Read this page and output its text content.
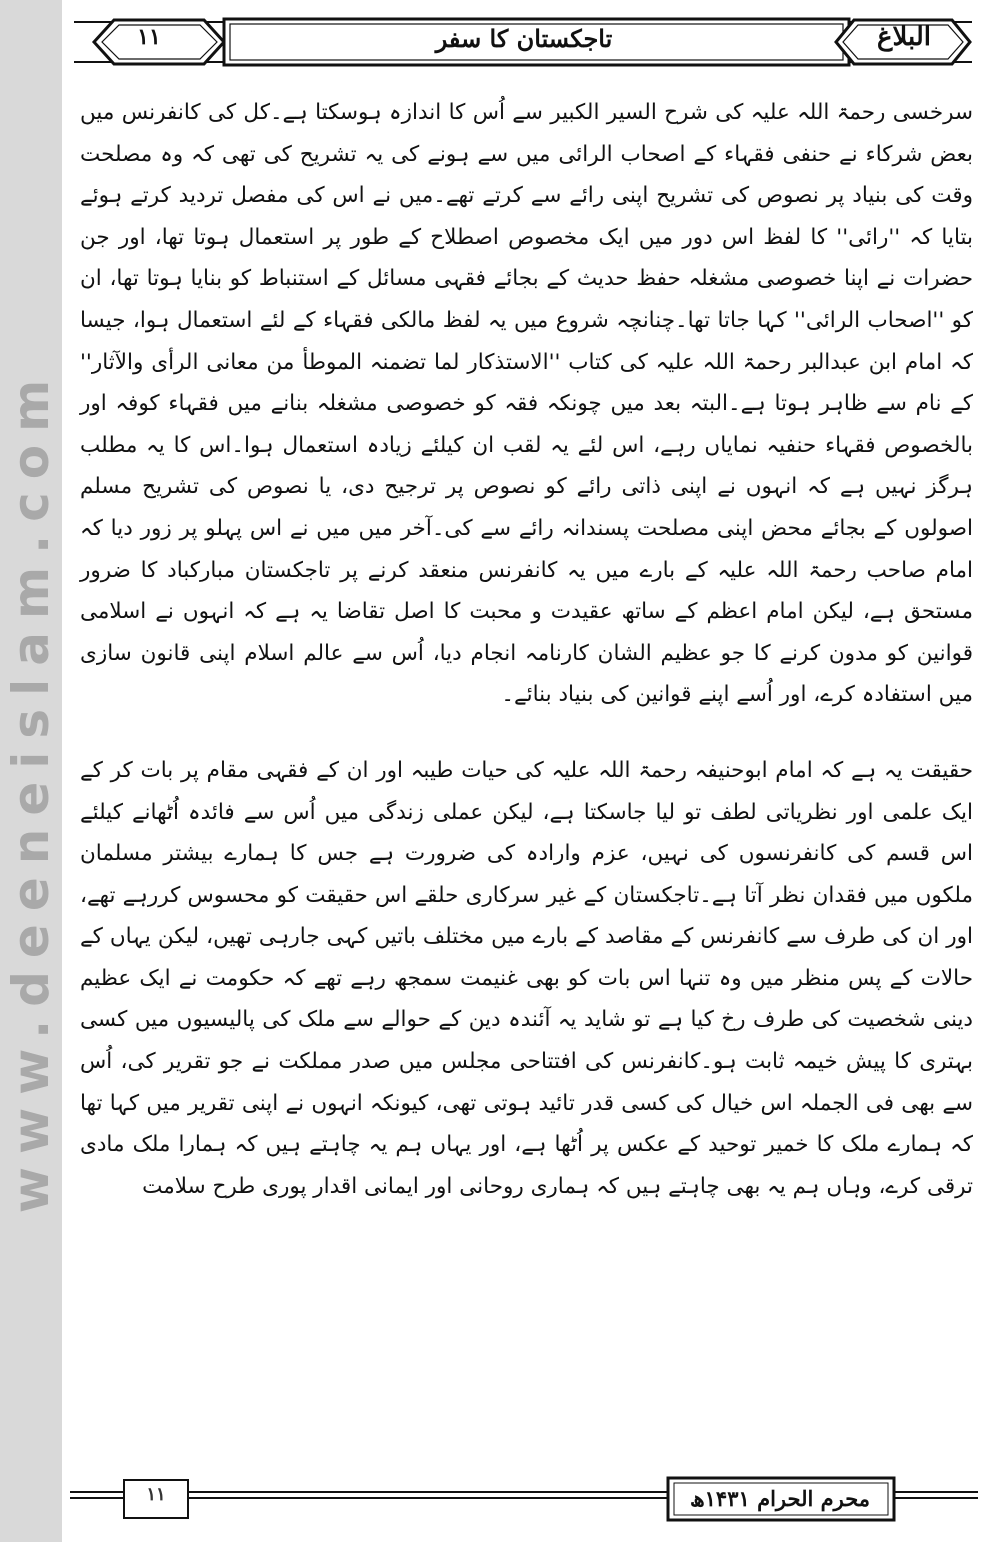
www.deeneislam.com
۱۱	تاجکستان کا سفر	البلاغ

سرخسی رحمۃ اللہ علیہ کی شرح السیر الکبیر سے اُس کا اندازہ ہوسکتا ہے۔کل کی کانفرنس میں بعض شرکاء نے حنفی فقہاء کے اصحاب الرائی میں سے ہونے کی یہ تشریح کی تھی کہ وہ مصلحت وقت کی بنیاد پر نصوص کی تشریح اپنی رائے سے کرتے تھے۔میں نے اس کی مفصل تردید کرتے ہوئے بتایا کہ ''رائی'' کا لفظ اس دور میں ایک مخصوص اصطلاح کے طور پر استعمال ہوتا تھا، اور جن حضرات نے اپنا خصوصی مشغلہ حفظ حدیث کے بجائے فقہی مسائل کے استنباط کو بنایا ہوتا تھا، ان کو ''اصحاب الرائی'' کہا جاتا تھا۔چنانچہ شروع میں یہ لفظ مالکی فقہاء کے لئے استعمال ہوا، جیسا کہ امام ابن عبدالبر رحمۃ اللہ علیہ کی کتاب ''الاستذکار لما تضمنہ الموطأ من معانی الرأی والآثار'' کے نام سے ظاہر ہوتا ہے۔البتہ بعد میں چونکہ فقہ کو خصوصی مشغلہ بنانے میں فقہاء کوفہ اور بالخصوص فقہاء حنفیہ نمایاں رہے، اس لئے یہ لقب ان کیلئے زیادہ استعمال ہوا۔اس کا یہ مطلب ہرگز نہیں ہے کہ انہوں نے اپنی ذاتی رائے کو نصوص پر ترجیح دی، یا نصوص کی تشریح مسلم اصولوں کے بجائے محض اپنی مصلحت پسندانہ رائے سے کی۔آخر میں میں نے اس پہلو پر زور دیا کہ امام صاحب رحمۃ اللہ علیہ کے بارے میں یہ کانفرنس منعقد کرنے پر تاجکستان مبارکباد کا ضرور مستحق ہے، لیکن امام اعظم کے ساتھ عقیدت و محبت کا اصل تقاضا یہ ہے کہ انہوں نے اسلامی قوانین کو مدون کرنے کا جو عظیم الشان کارنامہ انجام دیا، اُس سے عالم اسلام اپنی قانون سازی میں استفادہ کرے، اور اُسے اپنے قوانین کی بنیاد بنائے۔

حقیقت یہ ہے کہ امام ابوحنیفہ رحمۃ اللہ علیہ کی حیات طیبہ اور ان کے فقہی مقام پر بات کر کے ایک علمی اور نظریاتی لطف تو لیا جاسکتا ہے، لیکن عملی زندگی میں اُس سے فائدہ اُٹھانے کیلئے اس قسم کی کانفرنسوں کی نہیں، عزم وارادہ کی ضرورت ہے جس کا ہمارے بیشتر مسلمان ملکوں میں فقدان نظر آتا ہے۔تاجکستان کے غیر سرکاری حلقے اس حقیقت کو محسوس کررہے تھے، اور ان کی طرف سے کانفرنس کے مقاصد کے بارے میں مختلف باتیں کہی جارہی تھیں، لیکن یہاں کے حالات کے پس منظر میں وہ تنہا اس بات کو بھی غنیمت سمجھ رہے تھے کہ حکومت نے ایک عظیم دینی شخصیت کی طرف رخ کیا ہے تو شاید یہ آئندہ دین کے حوالے سے ملک کی پالیسیوں میں کسی بہتری کا پیش خیمہ ثابت ہو۔کانفرنس کی افتتاحی مجلس میں صدر مملکت نے جو تقریر کی، اُس سے بھی فی الجملہ اس خیال کی کسی قدر تائید ہوتی تھی، کیونکہ انہوں نے اپنی تقریر میں کہا تھا کہ ہمارے ملک کا خمیر توحید کے عکس پر اُٹھا ہے، اور یہاں ہم یہ چاہتے ہیں کہ ہمارا ملک مادی ترقی کرے، وہاں ہم یہ بھی چاہتے ہیں کہ ہماری روحانی اور ایمانی اقدار پوری طرح سلامت

۱۱	محرم الحرام ۱۴۳۱ھ
